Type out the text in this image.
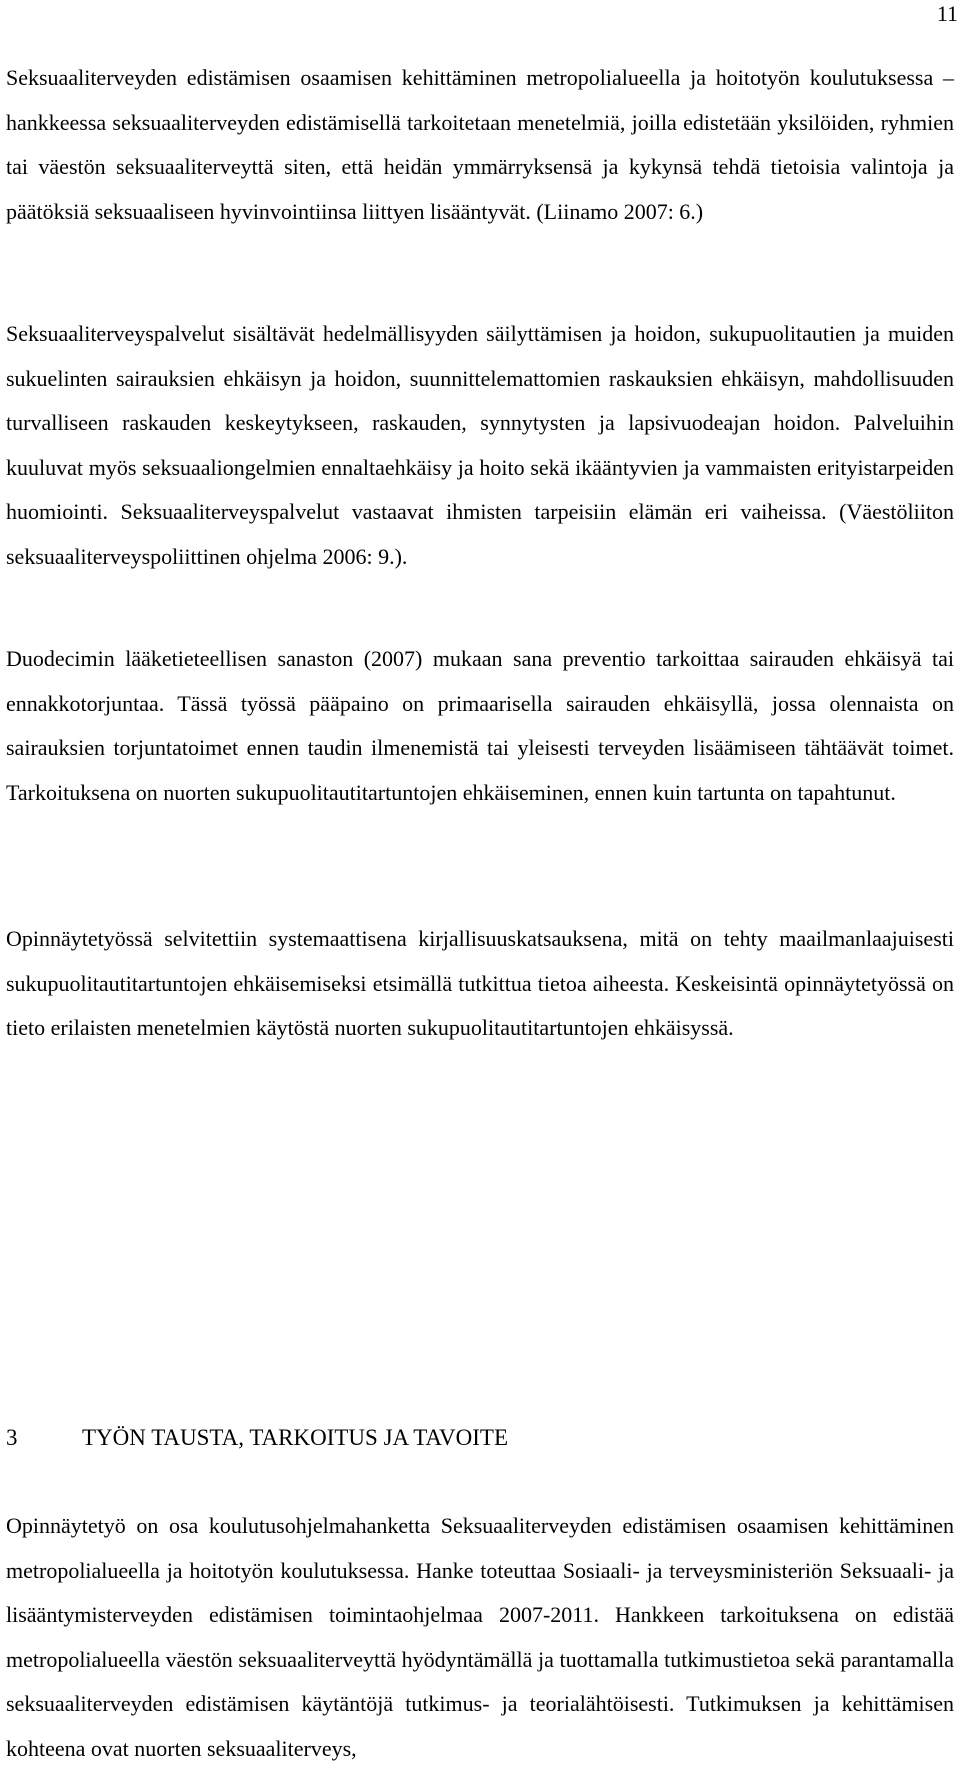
11

Seksuaaliterveyden edistämisen osaamisen kehittäminen metropolialueella ja hoitotyön koulutuksessa – hankkeessa seksuaaliterveyden edistämisellä tarkoitetaan menetelmiä, joilla edistetään yksilöiden, ryhmien tai väestön seksuaaliterveyttä siten, että heidän ymmärryksensä ja kykynsä tehdä tietoisia valintoja ja päätöksiä seksuaaliseen hyvinvointiinsa liittyen lisääntyvät. (Liinamo 2007: 6.)

Seksuaaliterveyspalvelut sisältävät hedelmällisyyden säilyttämisen ja hoidon, sukupuolitautien ja muiden sukuelinten sairauksien ehkäisyn ja hoidon, suunnittelemattomien raskauksien ehkäisyn, mahdollisuuden turvalliseen raskauden keskeytykseen, raskauden, synnytysten ja lapsivuodeajan hoidon. Palveluihin kuuluvat myös seksuaaliongelmien ennaltaehkäisy ja hoito sekä ikääntyvien ja vammaisten erityistarpeiden huomiointi. Seksuaaliterveyspalvelut vastaavat ihmisten tarpeisiin elämän eri vaiheissa. (Väestöliiton seksuaaliterveyspoliittinen ohjelma 2006: 9.).

Duodecimin lääketieteellisen sanaston (2007) mukaan sana preventio tarkoittaa sairauden ehkäisyä tai ennakkotorjuntaa. Tässä työssä pääpaino on primaarisella sairauden ehkäisyllä, jossa olennaista on sairauksien torjuntatoimet ennen taudin ilmenemistä tai yleisesti terveyden lisäämiseen tähtäävät toimet. Tarkoituksena on nuorten sukupuolitautitartuntojen ehkäiseminen, ennen kuin tartunta on tapahtunut.

Opinnäytetyössä selvitettiin systemaattisena kirjallisuuskatsauksena, mitä on tehty maailmanlaajuisesti sukupuolitautitartuntojen ehkäisemiseksi etsimällä tutkittua tietoa aiheesta. Keskeisintä opinnäytetyössä on tieto erilaisten menetelmien käytöstä nuorten sukupuolitautitartuntojen ehkäisyssä.

3	TYÖN TAUSTA, TARKOITUS JA TAVOITE

Opinnäytetyö on osa koulutusohjelmahanketta Seksuaaliterveyden edistämisen osaamisen kehittäminen metropolialueella ja hoitotyön koulutuksessa. Hanke toteuttaa Sosiaali- ja terveysministeriön Seksuaali- ja lisääntymisterveyden edistämisen toimintaohjelmaa 2007-2011. Hankkeen tarkoituksena on edistää metropolialueella väestön seksuaaliterveyttä hyödyntämällä ja tuottamalla tutkimustietoa sekä parantamalla seksuaaliterveyden edistämisen käytäntöjä tutkimus- ja teorialähtöisesti. Tutkimuksen ja kehittämisen kohteena ovat nuorten seksuaaliterveys,
